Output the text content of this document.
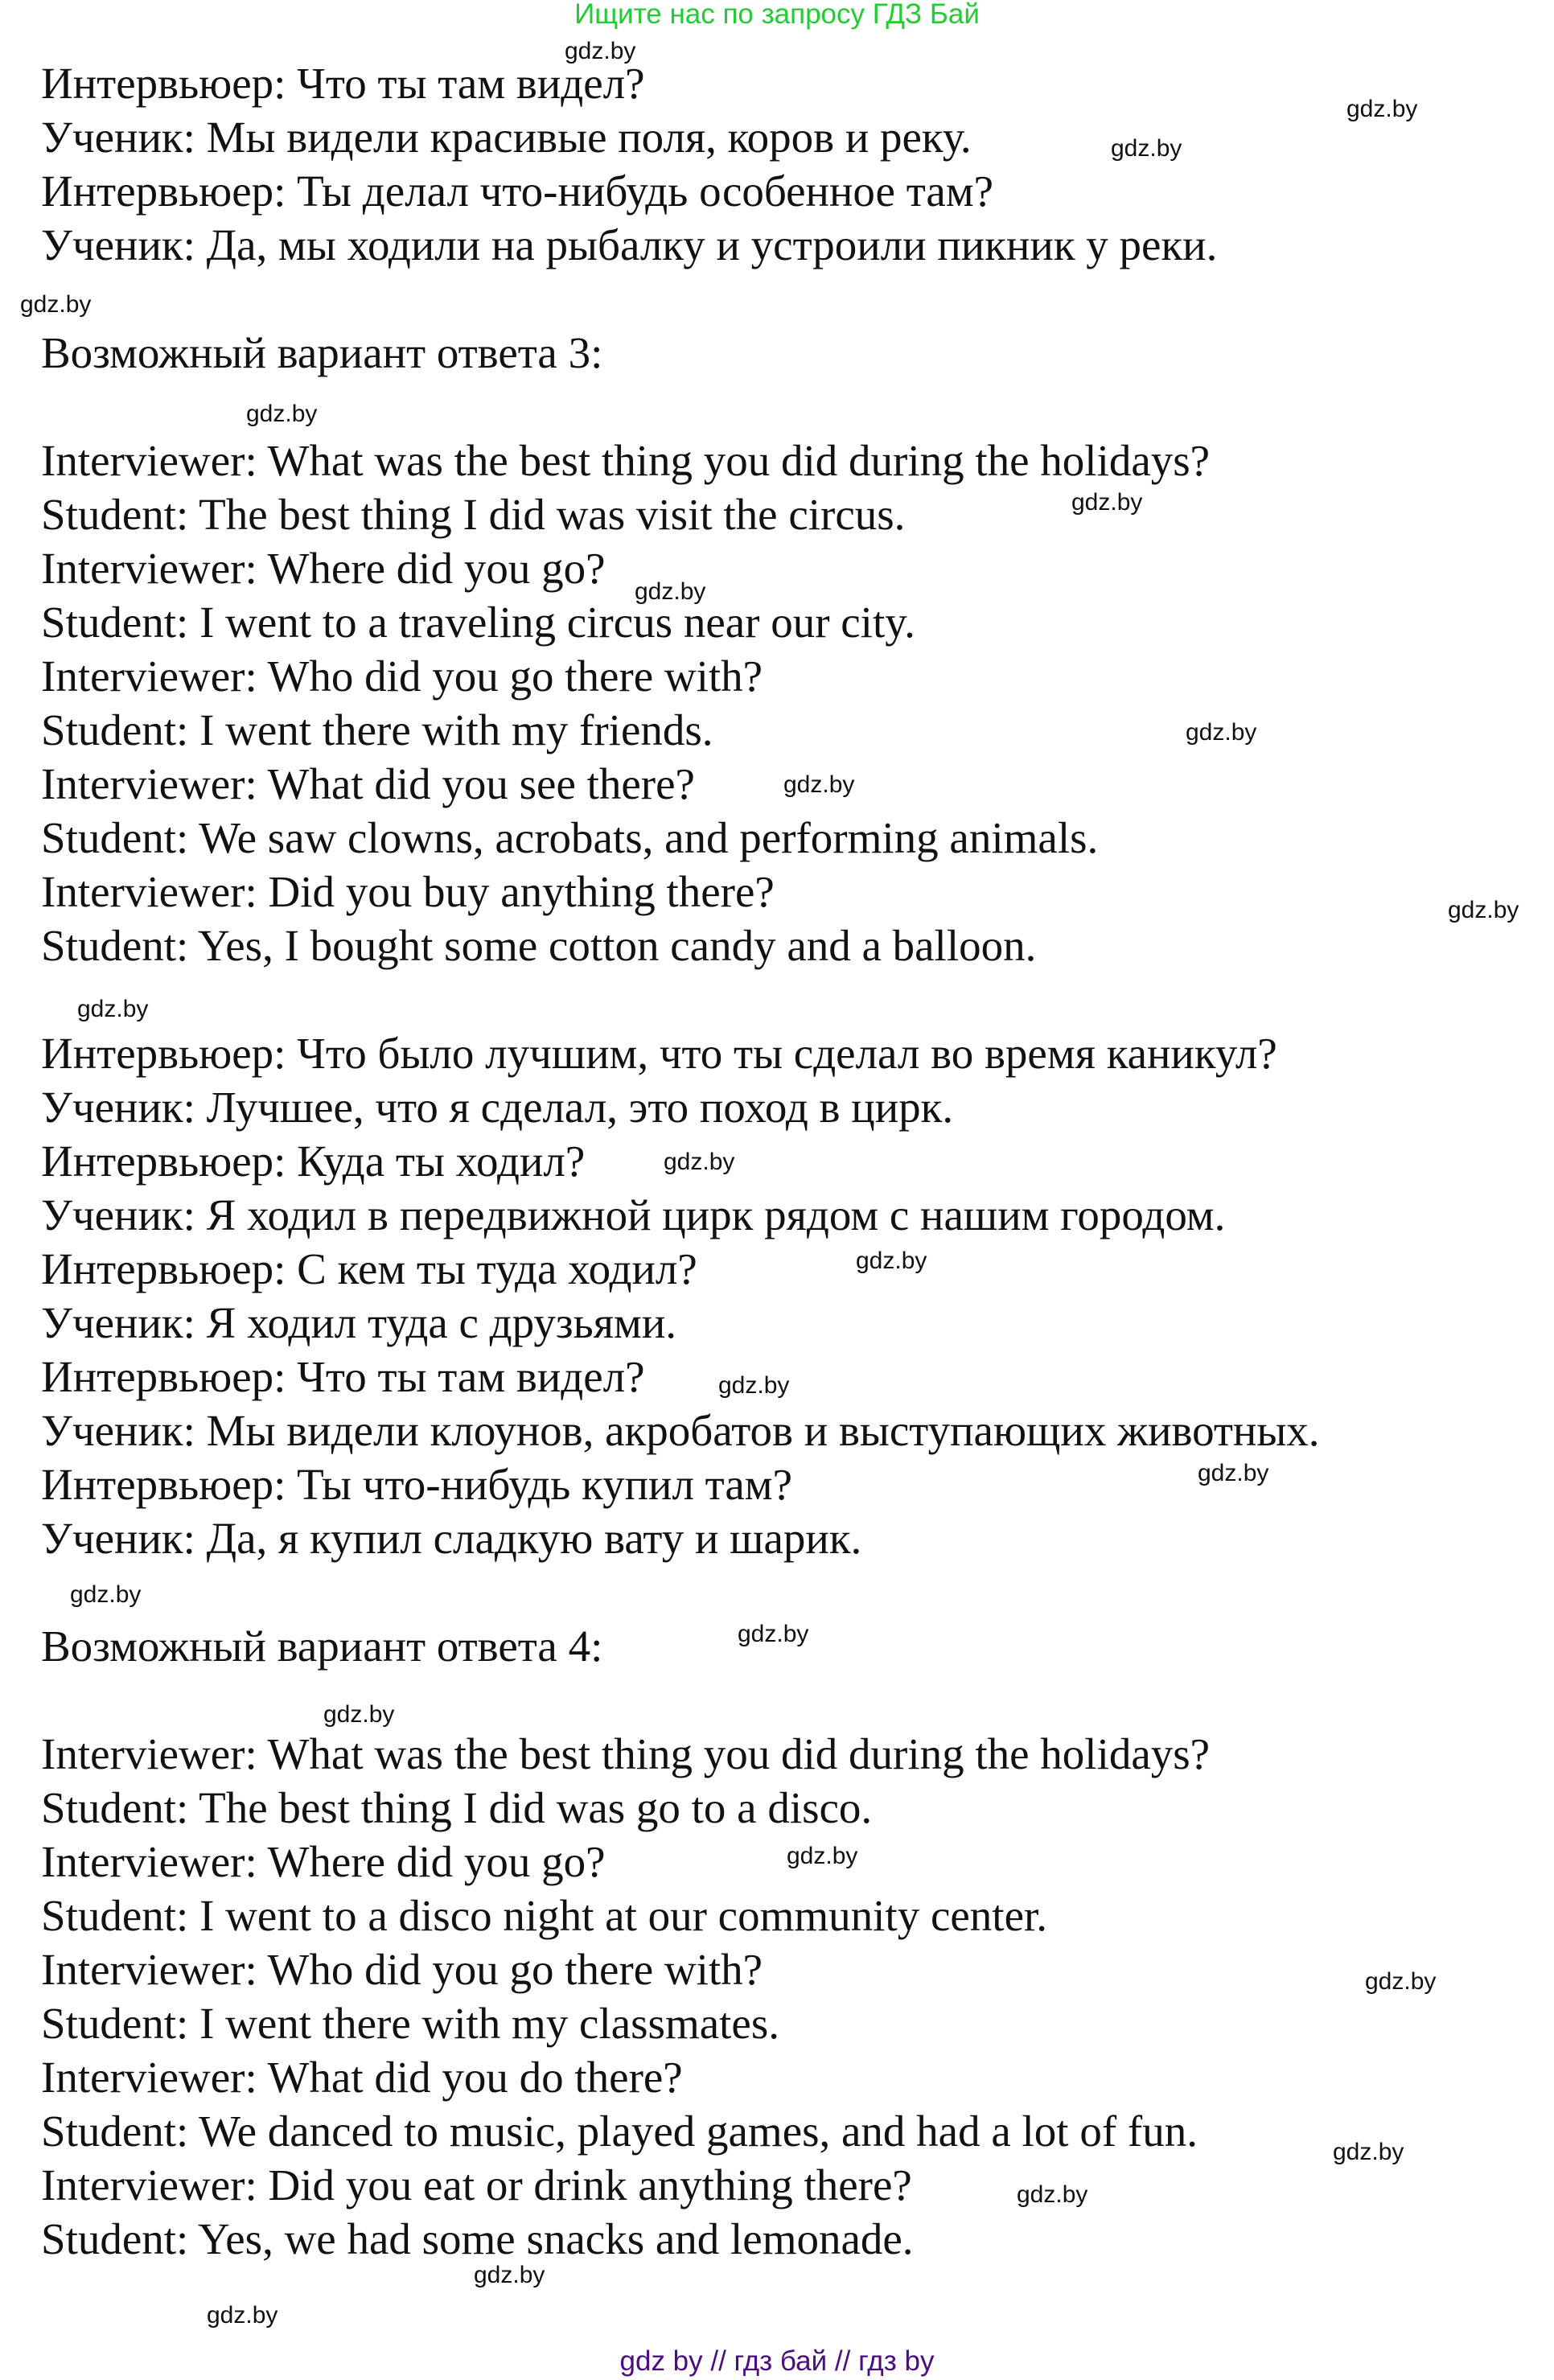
Ищите нас по запросу ГДЗ Бай
Интервьюер: Что ты там видел?
Ученик: Мы видели красивые поля, коров и реку.
Интервьюер: Ты делал что-нибудь особенное там?
Ученик: Да, мы ходили на рыбалку и устроили пикник у реки.
Возможный вариант ответа 3:
Interviewer: What was the best thing you did during the holidays?
Student: The best thing I did was visit the circus.
Interviewer: Where did you go?
Student: I went to a traveling circus near our city.
Interviewer: Who did you go there with?
Student: I went there with my friends.
Interviewer: What did you see there?
Student: We saw clowns, acrobats, and performing animals.
Interviewer: Did you buy anything there?
Student: Yes, I bought some cotton candy and a balloon.
Интервьюер: Что было лучшим, что ты сделал во время каникул?
Ученик: Лучшее, что я сделал, это поход в цирк.
Интервьюер: Куда ты ходил?
Ученик: Я ходил в передвижной цирк рядом с нашим городом.
Интервьюер: С кем ты туда ходил?
Ученик: Я ходил туда с друзьями.
Интервьюер: Что ты там видел?
Ученик: Мы видели клоунов, акробатов и выступающих животных.
Интервьюер: Ты что-нибудь купил там?
Ученик: Да, я купил сладкую вату и шарик.
Возможный вариант ответа 4:
Interviewer: What was the best thing you did during the holidays?
Student: The best thing I did was go to a disco.
Interviewer: Where did you go?
Student: I went to a disco night at our community center.
Interviewer: Who did you go there with?
Student: I went there with my classmates.
Interviewer: What did you do there?
Student: We danced to music, played games, and had a lot of fun.
Interviewer: Did you eat or drink anything there?
Student: Yes, we had some snacks and lemonade.
gdz.by
gdz.by
gdz.by
gdz.by
gdz.by
gdz.by
gdz.by
gdz.by
gdz.by
gdz.by
gdz.by
gdz.by
gdz.by
gdz.by
gdz.by
gdz.by
gdz.by
gdz.by
gdz.by
gdz.by
gdz.by
gdz.by
gdz.by
gdz.by
gdz by // гдз бай // гдз by
